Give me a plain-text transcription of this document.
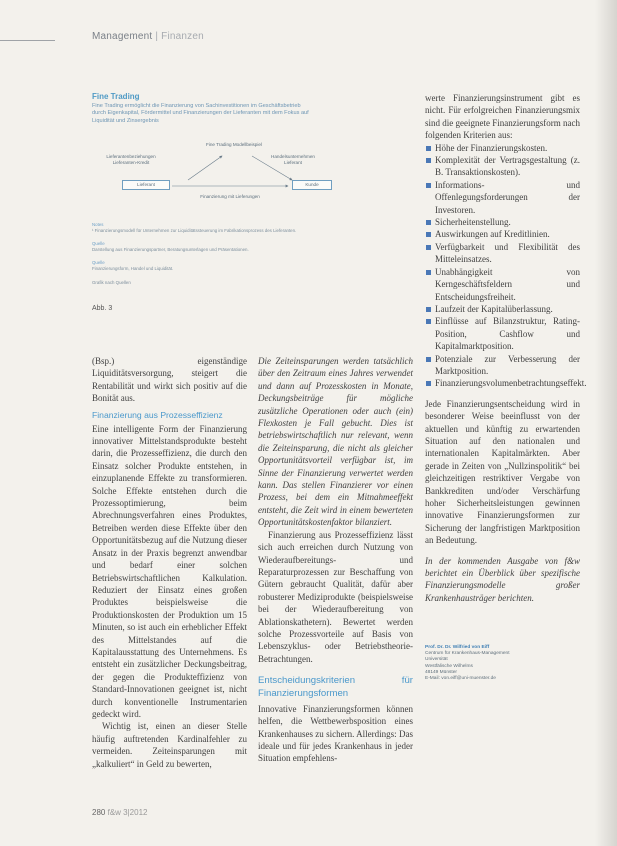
Management | Finanzen
Fine Trading
Fine Trading ermöglicht die Finanzierung von Sachinvestitionen im Geschäftsbetrieb durch Eigenkapital, Fördermittel und Finanzierungen der Lieferanten mit dem Fokus auf Liquidität und Zinsergebnis
Fine Trading Modellbeispiel
Lieferantenbeziehungen Lieferanten-Kredit
Handelsunternehmen Lieferant
Lieferant	Kunde
Finanzierung mit Lieferungen
Notes
¹ Finanzierungsmodell für Unternehmen zur Liquiditätssteuerung im Fabrikationsprozess des Lieferanten.
Quelle
Darstellung aus Finanzierungspartner, Beratungsunterlagen und Präsentationen.
Quelle
Finanzierungsform, Handel und Liquidität.
Grafik nach Quellen
Abb. 3

(Bsp.) eigenständige Liquiditätsversorgung, steigert die Rentabilität und wirkt sich positiv auf die Bonität aus.

Finanzierung aus Prozesseffizienz

Eine intelligente Form der Finanzierung innovativer Mittelstandsprodukte besteht darin, die Prozesseffizienz, die durch den Einsatz solcher Produkte entstehen, in einzuplanende Effekte zu transformieren. Solche Effekte entstehen durch die Prozessoptimierung, beim Abrechnungsverfahren eines Produktes, Betreiben werden diese Effekte über den Opportunitätsbezug auf die Nutzung dieser Ansatz in der Praxis begrenzt anwendbar und bedarf einer solchen Betriebswirtschaftlichen Kalkulation. Reduziert der Einsatz eines großen Produktes beispielsweise die Produktionskosten der Produktion um 15 Minuten, so ist auch ein erheblicher Effekt des Mittelstandes auf die Kapitalausstattung des Unternehmens. Es entsteht ein zusätzlicher Deckungsbeitrag, der gegen die Produkteffizienz von Standard-Innovationen geeignet ist, nicht durch konventionelle Instrumentarien gedeckt wird.

Wichtig ist, einen an dieser Stelle häufig auftretenden Kardinalfehler zu vermeiden. Zeiteinsparungen mit „kalkuliert“ in Geld zu bewerten,

Die Zeiteinsparungen werden tatsächlich über den Zeitraum eines Jahres verwendet und dann auf Prozesskosten in Monate, Deckungsbeiträge für mögliche zusätzliche Operationen oder auch (ein) Flexkosten je Fall gebucht. Dies ist betriebswirtschaftlich nur relevant, wenn die Zeiteinsparung, die nicht als gleicher Opportunitätsvorteil verfügbar ist, im Sinne der Finanzierung verwertet werden kann. Das stellen Finanzierer vor einen Prozess, bei dem ein Mitnahmeeffekt entsteht, die Zeit wird in einem bewerteten Opportunitätskostenfaktor bilanziert.

Finanzierung aus Prozesseffizienz lässt sich auch erreichen durch Nutzung von Wiederaufbereitungs- und Reparaturprozessen zur Beschaffung von Gütern gebraucht Qualität, dafür aber robusterer Mediziprodukte (beispielsweise bei der Wiederaufbereitung von Ablationskathetern). Bewertet werden solche Prozessvorteile auf Basis von Lebenszyklus- oder Betriebstheorie-Betrachtungen.

Entscheidungskriterien für Finanzierungsformen

Innovative Finanzierungsformen können helfen, die Wettbewerbsposition eines Krankenhauses zu sichern. Allerdings: Das ideale und für jedes Krankenhaus in jeder Situation empfehlens-

werte Finanzierungsinstrument gibt es nicht. Für erfolgreichen Finanzierungsmix sind die geeignete Finanzierungsform nach folgenden Kriterien aus:

Höhe der Finanzierungskosten.
Komplexität der Vertragsgestaltung (z. B. Transaktionskosten).
Informations- und Offenlegungsforderungen der Investoren.
Sicherheitenstellung.
Auswirkungen auf Kreditlinien.
Verfügbarkeit und Flexibilität des Mitteleinsatzes.
Unabhängigkeit von Kerngeschäftsfeldern und Entscheidungsfreiheit.
Laufzeit der Kapitalüberlassung.
Einflüsse auf Bilanzstruktur, Rating-Position, Cashflow und Kapitalmarktposition.
Potenziale zur Verbesserung der Marktposition.
Finanzierungsvolumenbetrachtungseffekt.

Jede Finanzierungsentscheidung wird in besonderer Weise beeinflusst von der aktuellen und künftig zu erwartenden Situation auf den nationalen und internationalen Kapitalmärkten. Aber gerade in Zeiten von „Nullzinspolitik“ bei gleichzeitigen restriktiver Vergabe von Bankkrediten und/oder Verschärfung hoher Sicherheitsleistungen gewinnen innovative Finanzierungsformen zur Sicherung der langfristigen Marktposition an Bedeutung.

In der kommenden Ausgabe von f&w berichtet ein Überblick über spezifische Finanzierungsmodelle großer Krankenhausträger berichten.

Prof. Dr. Dr. Wilfried von Eiff
Centrum für Krankenhaus-Management
Universität
Westfälische Wilhelms
48149 Münster
E-Mail: von.eiff@uni-muenster.de
280 f&w 3|2012
